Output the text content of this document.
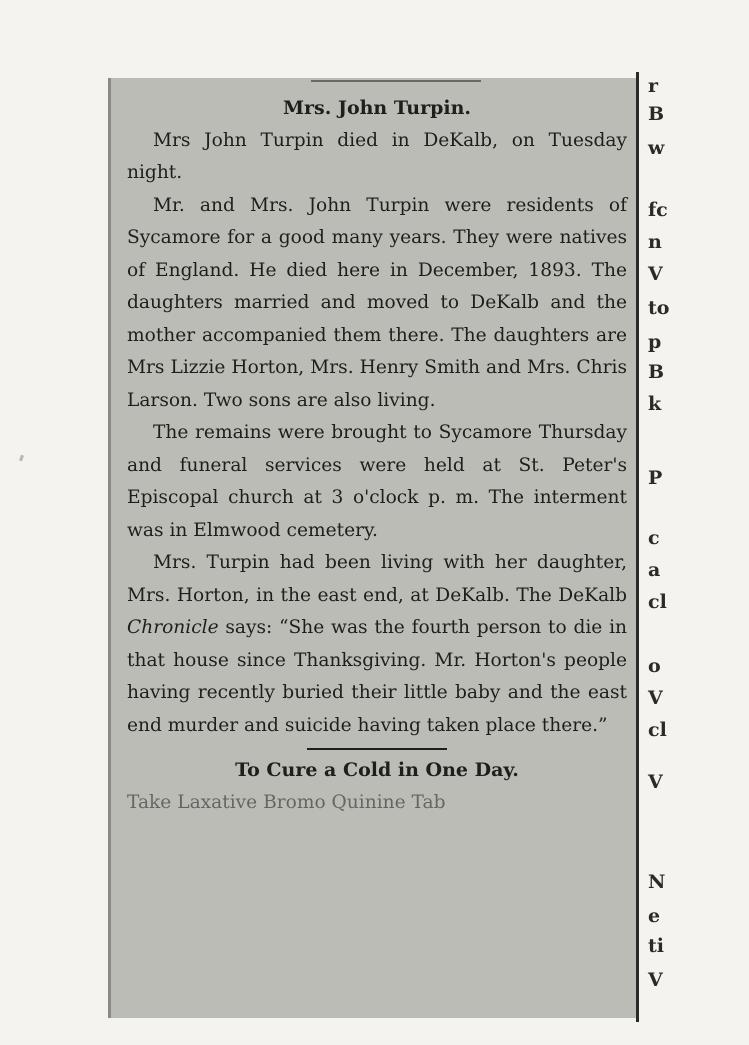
Mrs. John Turpin.

Mrs John Turpin died in DeKalb, on Tuesday night.

Mr. and Mrs. John Turpin were residents of Sycamore for a good many years. They were natives of England. He died here in December, 1893. The daughters married and moved to DeKalb and the mother accompanied them there. The daughters are Mrs Lizzie Horton, Mrs. Henry Smith and Mrs. Chris Larson. Two sons are also living.

The remains were brought to Sycamore Thursday and funeral services were held at St. Peter's Episcopal church at 3 o'clock p. m. The interment was in Elmwood cemetery.

Mrs. Turpin had been living with her daughter, Mrs. Horton, in the east end, at DeKalb. The DeKalb Chronicle says: “She was the fourth person to die in that house since Thanksgiving. Mr. Horton's people having recently buried their little baby and the east end murder and suicide having taken place there.”

To Cure a Cold in One Day.

Take Laxative Bromo Quinine Tab

r
B
w
fc
n
V
to
p
B
k
P
c
a
cl
o
V
cl
V
N
e
ti
V
